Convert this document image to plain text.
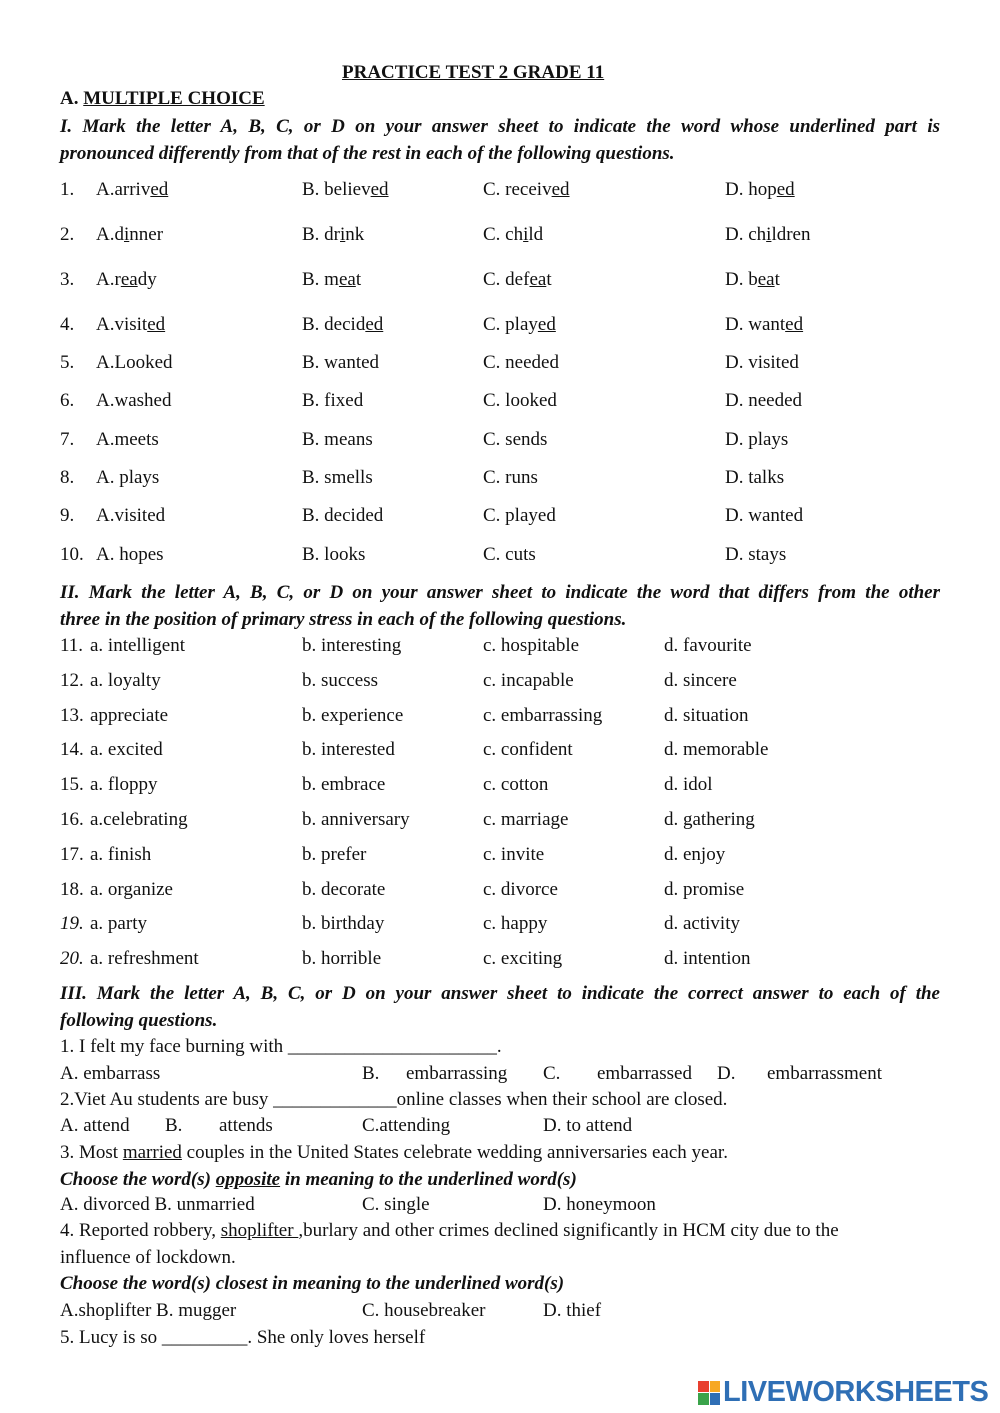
PRACTICE TEST 2 GRADE 11
A. MULTIPLE CHOICE
I. Mark the letter A, B, C, or D on your answer sheet to indicate the word whose underlined part is
pronounced differently from that of the rest in each of the following questions.
1. A.arrived	B. believed	C. received	D. hoped
2. A.dinner	B. drink	C. child	D. children
3. A.ready	B. meat	C. defeat	D. beat
4. A.visited	B. decided	C. played	D. wanted
5. A.Looked	B. wanted	C. needed	D. visited
6. A.washed	B. fixed	C. looked	D. needed
7. A.meets	B. means	C. sends	D. plays
8. A. plays	B. smells	C. runs	D. talks
9. A.visited	B. decided	C. played	D. wanted
10. A. hopes	B. looks	C. cuts	D. stays
II. Mark the letter A, B, C, or D on your answer sheet to indicate the word that differs from the other
three in the position of primary stress in each of the following questions.
11. a. intelligent	b. interesting	c. hospitable	d. favourite
12. a. loyalty	b. success	c. incapable	d. sincere
13. appreciate	b. experience	c. embarrassing	d. situation
14. a. excited	b. interested	c. confident	d. memorable
15. a. floppy	b. embrace	c. cotton	d. idol
16. a.celebrating	b. anniversary	c. marriage	d. gathering
17. a. finish	b. prefer	c. invite	d. enjoy
18. a. organize	b. decorate	c. divorce	d. promise
19. a. party	b. birthday	c. happy	d. activity
20. a. refreshment	b. horrible	c. exciting	d. intention
III. Mark the letter A, B, C, or D on your answer sheet to indicate the correct answer to each of the
following questions.
1. I felt my face burning with ______________________.
A. embarrass	B. embarrassing C. embarrassed D. embarrassment
2.Viet Au students are busy _____________online classes when their school are closed.
A. attend B. attends	C.attending	D. to attend
3. Most married couples in the United States celebrate wedding anniversaries each year.
Choose the word(s) opposite in meaning to the underlined word(s)
A. divorced B. unmarried	C. single	D. honeymoon
4. Reported robbery, shoplifter ,burlary and other crimes declined significantly in HCM city due to the
influence of lockdown.
Choose the word(s) closest in meaning to the underlined word(s)
A.shoplifter B. mugger	C. housebreaker	D. thief
5. Lucy is so _________. She only loves herself
LIVEWORKSHEETS
